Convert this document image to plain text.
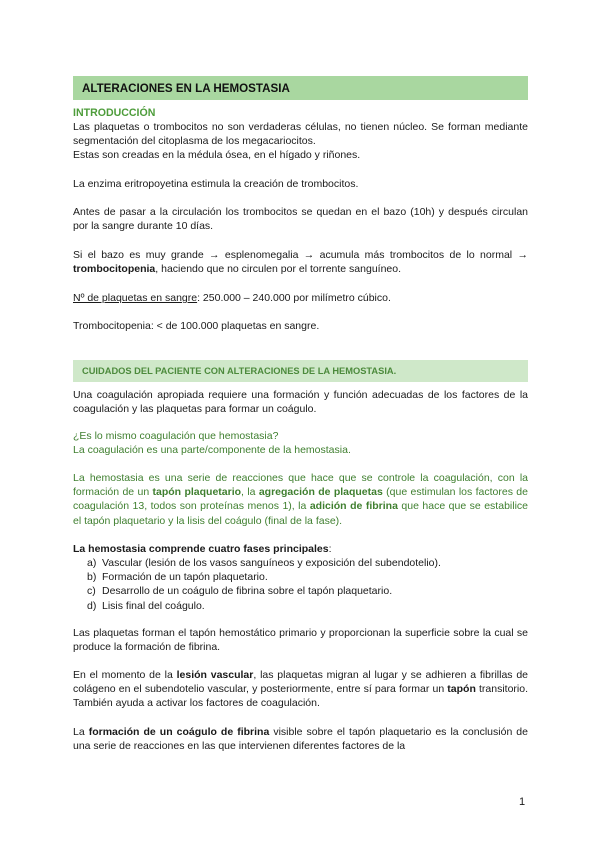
ALTERACIONES EN LA HEMOSTASIA
INTRODUCCIÓN
Las plaquetas o trombocitos no son verdaderas células, no tienen núcleo. Se forman mediante segmentación del citoplasma de los megacariocitos.
Estas son creadas en la médula ósea, en el hígado y riñones.
La enzima eritropoyetina estimula la creación de trombocitos.
Antes de pasar a la circulación los trombocitos se quedan en el bazo (10h) y después circulan por la sangre durante 10 días.
Si el bazo es muy grande → esplenomegalia → acumula más trombocitos de lo normal → trombocitopenia, haciendo que no circulen por el torrente sanguíneo.
Nº de plaquetas en sangre: 250.000 – 240.000 por milímetro cúbico.
Trombocitopenia: < de 100.000 plaquetas en sangre.
CUIDADOS DEL PACIENTE CON ALTERACIONES DE LA HEMOSTASIA.
Una coagulación apropiada requiere una formación y función adecuadas de los factores de la coagulación y las plaquetas para formar un coágulo.
¿Es lo mismo coagulación que hemostasia?
La coagulación es una parte/componente de la hemostasia.
La hemostasia es una serie de reacciones que hace que se controle la coagulación, con la formación de un tapón plaquetario, la agregación de plaquetas (que estimulan los factores de coagulación 13, todos son proteínas menos 1), la adición de fibrina que hace que se estabilice el tapón plaquetario y la lisis del coágulo (final de la fase).
La hemostasia comprende cuatro fases principales:
a) Vascular (lesión de los vasos sanguíneos y exposición del subendotelio).
b) Formación de un tapón plaquetario.
c) Desarrollo de un coágulo de fibrina sobre el tapón plaquetario.
d) Lisis final del coágulo.
Las plaquetas forman el tapón hemostático primario y proporcionan la superficie sobre la cual se produce la formación de fibrina.
En el momento de la lesión vascular, las plaquetas migran al lugar y se adhieren a fibrillas de colágeno en el subendotelio vascular, y posteriormente, entre sí para formar un tapón transitorio. También ayuda a activar los factores de coagulación.
La formación de un coágulo de fibrina visible sobre el tapón plaquetario es la conclusión de una serie de reacciones en las que intervienen diferentes factores de la
1
